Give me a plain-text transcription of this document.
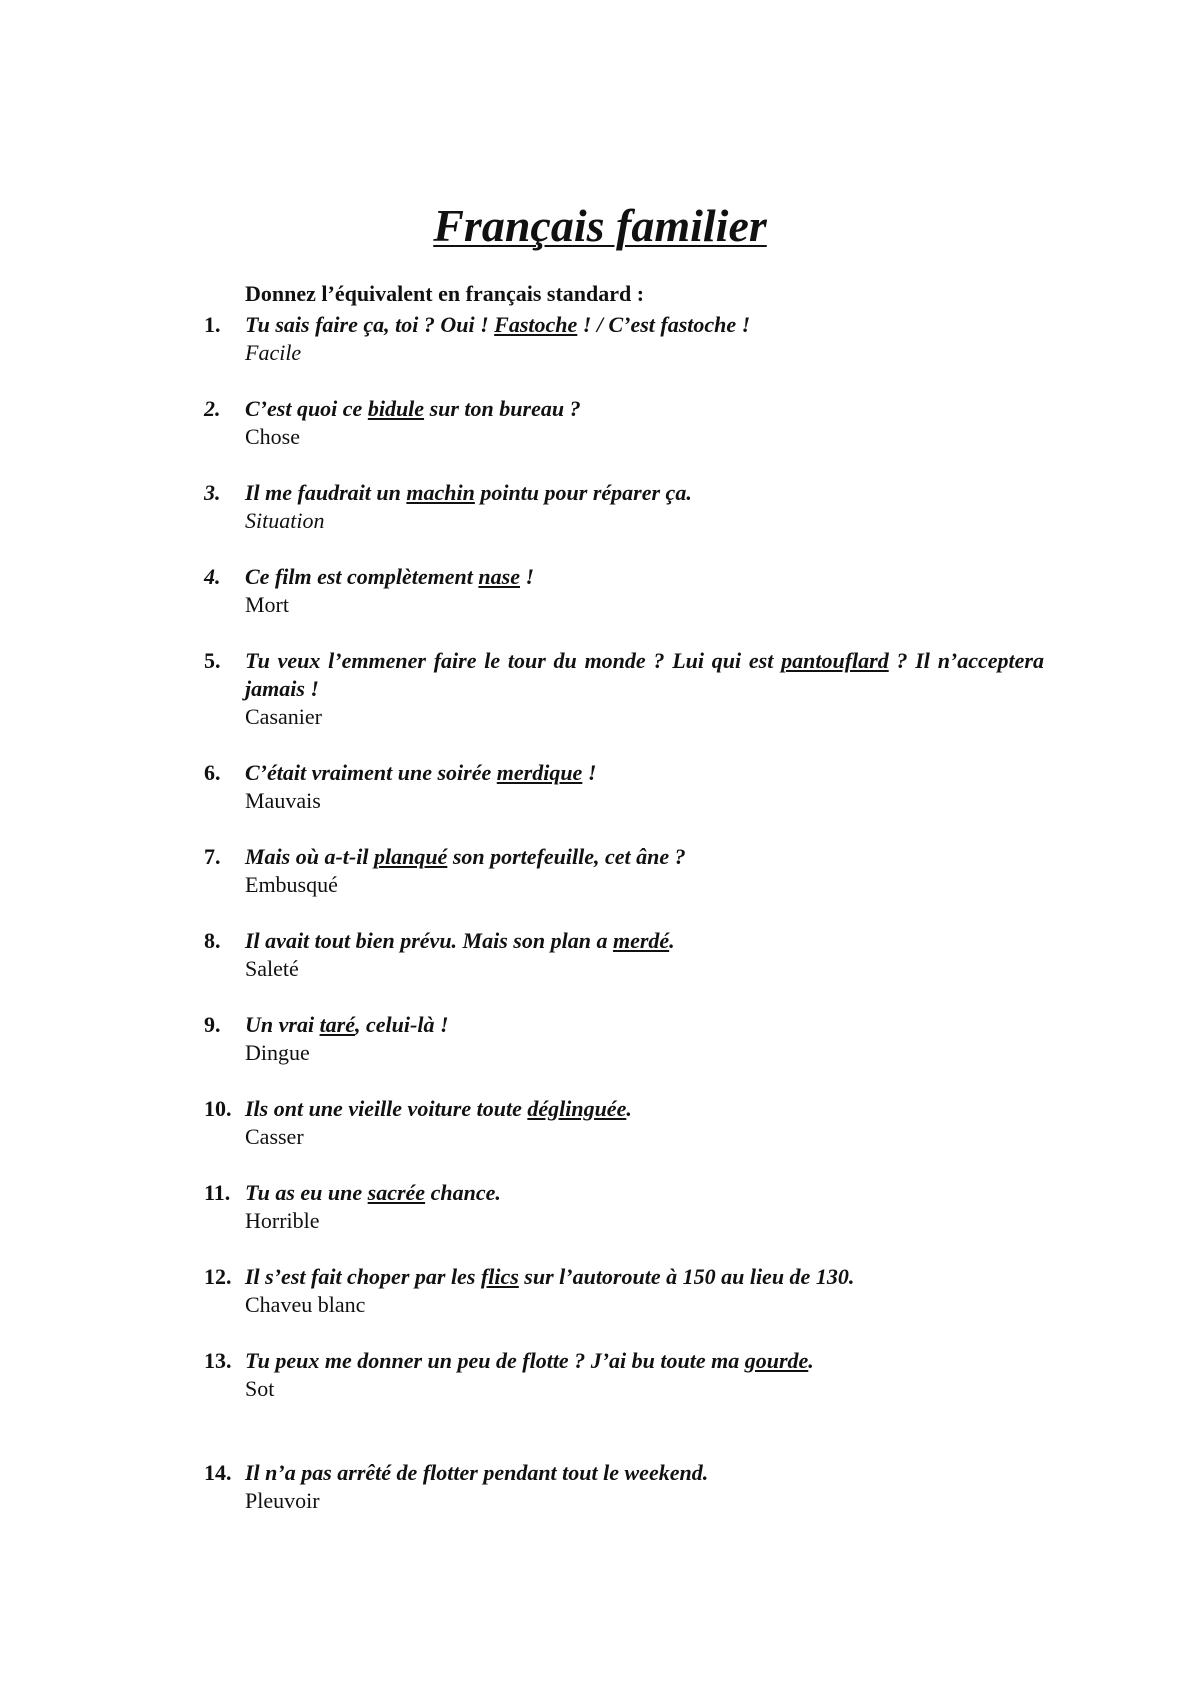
Français familier
Donnez l’équivalent en français standard :
1.	Tu sais faire ça, toi ? Oui ! Fastoche ! / C’est fastoche !
Facile
2.	C’est quoi ce bidule sur ton bureau ?
Chose
3.	Il me faudrait un machin pointu pour réparer ça.
Situation
4.	Ce film est complètement nase !
Mort
5.	Tu veux l’emmener faire le tour du monde ? Lui qui est pantouflard ? Il n’acceptera jamais !
Casanier
6.	C’était vraiment une soirée merdique !
Mauvais
7.	Mais où a-t-il planqué son portefeuille, cet âne ?
Embusqué
8.	Il avait tout bien prévu. Mais son plan a merdé.
Saleté
9.	Un vrai taré, celui-là !
Dingue
10. Ils ont une vieille voiture toute déglinguée.
Casser
11. Tu as eu une sacrée chance.
Horrible
12. Il s’est fait choper par les flics sur l’autoroute à 150 au lieu de 130.
Chaveu blanc
13. Tu peux me donner un peu de flotte ? J’ai bu toute ma gourde.
Sot
14. Il n’a pas arrêté de flotter pendant tout le weekend.
Pleuvoir
